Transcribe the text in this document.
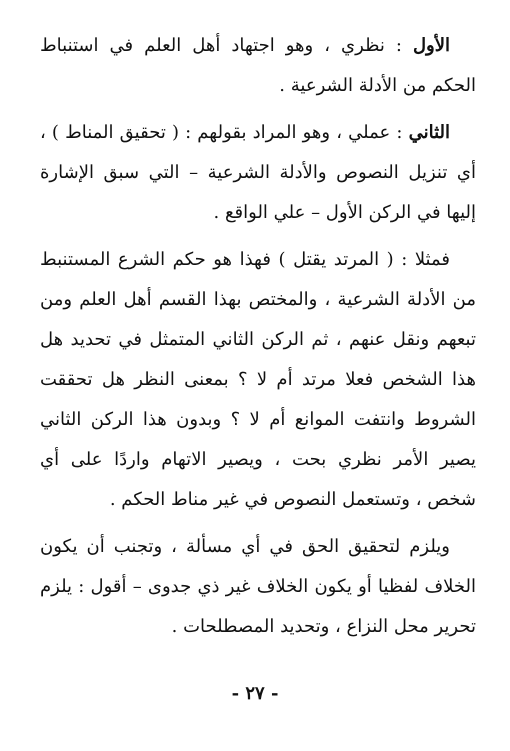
الأول : نظري ، وهو اجتهاد أهل العلم في استنباط الحكم من الأدلة الشرعية .

الثاني : عملي ، وهو المراد بقولهم : ( تحقيق المناط ) ، أي تنزيل النصوص والأدلة الشرعية – التي سبق الإشارة إليها في الركن الأول – علي الواقع .

فمثلا : ( المرتد يقتل ) فهذا هو حكم الشرع المستنبط من الأدلة الشرعية ، والمختص بهذا القسم أهل العلم ومن تبعهم ونقل عنهم ، ثم الركن الثاني المتمثل في تحديد هل هذا الشخص فعلا مرتد أم لا ؟ بمعنى النظر هل تحققت الشروط وانتفت الموانع أم لا ؟ وبدون هذا الركن الثاني يصير الأمر نظري بحت ، ويصير الاتهام واردًا على أي شخص ، وتستعمل النصوص في غير مناط الحكم .

ويلزم لتحقيق الحق في أي مسألة ، وتجنب أن يكون الخلاف لفظيا أو يكون الخلاف غير ذي جدوى – أقول : يلزم تحرير محل النزاع ، وتحديد المصطلحات .

- ٢٧ -
